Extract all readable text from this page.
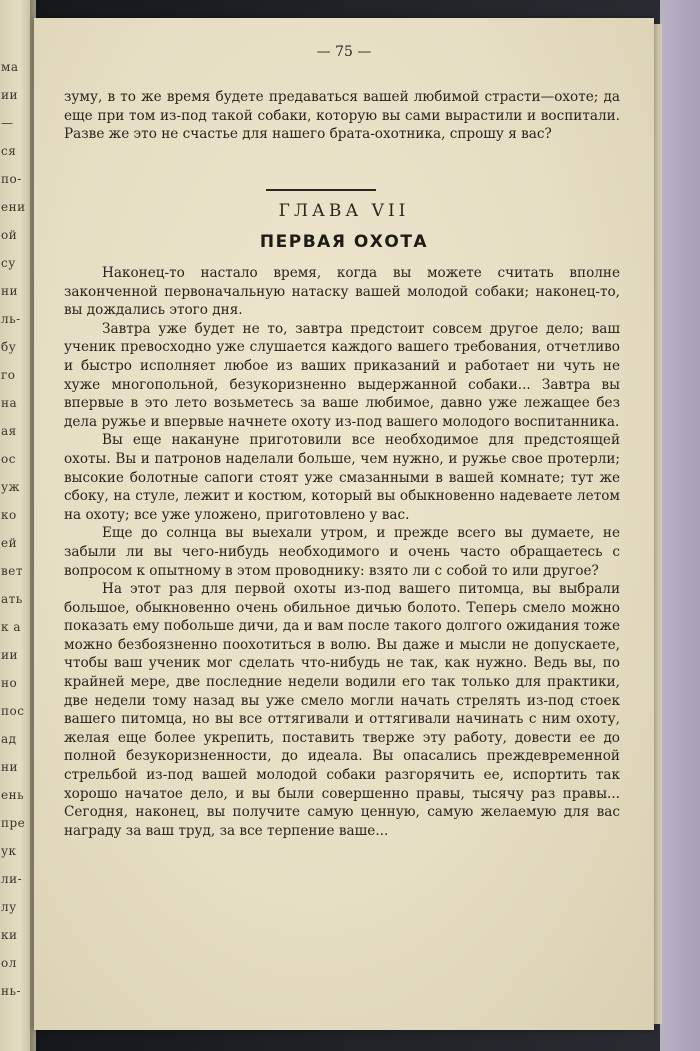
ма
ии
—
ся
по-
ени
ой
су
ни
ль-
бу
го
на
ая
ос
уж
ко
ей
вет
ать
к а
ии
но
пос
ад
ни
ень
пре
ук
ли-
лу
ки
ол
нь-
— 75 —

зуму, в то же время будете предаваться вашей любимой страсти—охоте; да еще при том из-под такой собаки, которую вы сами вырастили и воспитали. Разве же это не счастье для нашего брата-охотника, спрошу я вас?

ГЛАВА VII
ПЕРВАЯ ОХОТА

Наконец-то настало время, когда вы можете считать вполне законченной первоначальную натаску вашей молодой собаки; наконец-то, вы дождались этого дня.

Завтра уже будет не то, завтра предстоит совсем другое дело; ваш ученик превосходно уже слушается каждого вашего требования, отчетливо и быстро исполняет любое из ваших приказаний и работает ни чуть не хуже многопольной, безукоризненно выдержанной собаки... Завтра вы впервые в это лето возьметесь за ваше любимое, давно уже лежащее без дела ружье и впервые начнете охоту из-под вашего молодого воспитанника.

Вы еще накануне приготовили все необходимое для предстоящей охоты. Вы и патронов наделали больше, чем нужно, и ружье свое протерли; высокие болотные сапоги стоят уже смазанными в вашей комнате; тут же сбоку, на стуле, лежит и костюм, который вы обыкновенно надеваете летом на охоту; все уже уложено, приготовлено у вас.

Еще до солнца вы выехали утром, и прежде всего вы думаете, не забыли ли вы чего-нибудь необходимого и очень часто обращаетесь с вопросом к опытному в этом проводнику: взято ли с собой то или другое?

На этот раз для первой охоты из-под вашего питомца, вы выбрали большое, обыкновенно очень обильное дичью болото. Теперь смело можно показать ему побольше дичи, да и вам после такого долгого ожидания тоже можно безбоязненно поохотиться в волю. Вы даже и мысли не допускаете, чтобы ваш ученик мог сделать что-нибудь не так, как нужно. Ведь вы, по крайней мере, две последние недели водили его так только для практики, две недели тому назад вы уже смело могли начать стрелять из-под стоек вашего питомца, но вы все оттягивали и оттягивали начинать с ним охоту, желая еще более укрепить, поставить тверже эту работу, довести ее до полной безукоризненности, до идеала. Вы опасались преждевременной стрельбой из-под вашей молодой собаки разгорячить ее, испортить так хорошо начатое дело, и вы были совершенно правы, тысячу раз правы... Сегодня, наконец, вы получите самую ценную, самую желаемую для вас награду за ваш труд, за все терпение ваше...
